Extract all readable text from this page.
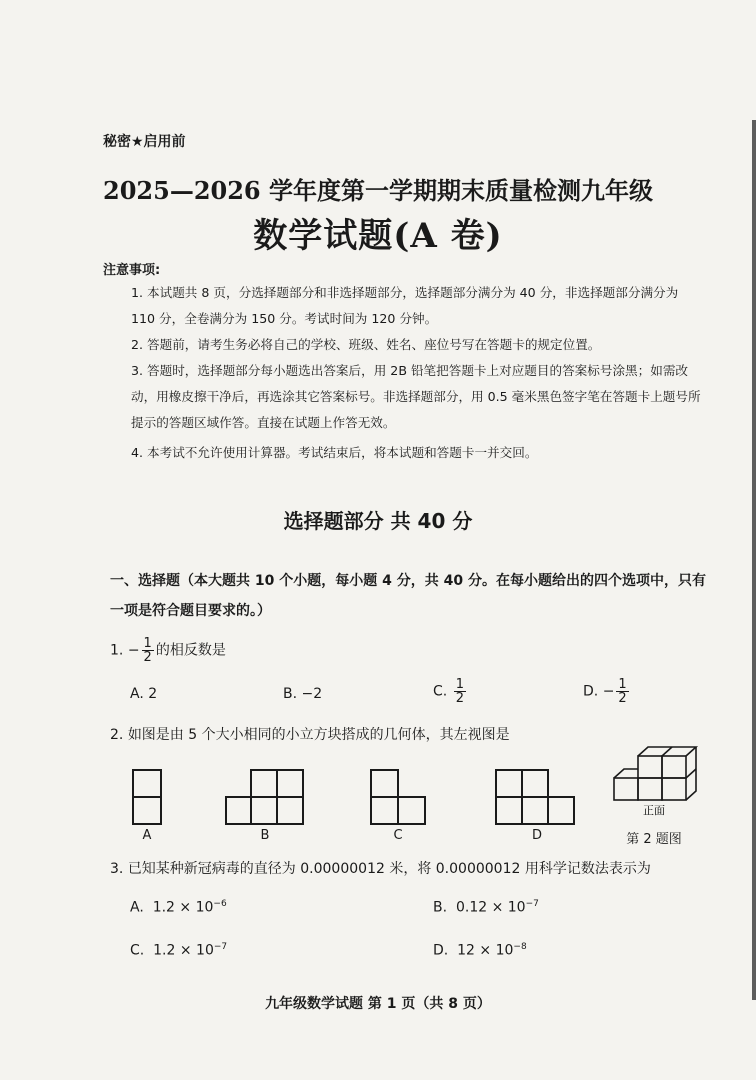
秘密★启用前
2025—2026 学年度第一学期期末质量检测九年级
数学试题(A 卷)
注意事项:
1. 本试题共 8 页，分选择题部分和非选择题部分，选择题部分满分为 40 分，非选择题部分满分为 110 分，全卷满分为 150 分。考试时间为 120 分钟。
2. 答题前，请考生务必将自己的学校、班级、姓名、座位号写在答题卡的规定位置。
3. 答题时，选择题部分每小题选出答案后，用 2B 铅笔把答题卡上对应题目的答案标号涂黑；如需改动，用橡皮擦干净后，再选涂其它答案标号。非选择题部分，用 0.5 毫米黑色签字笔在答题卡上题号所提示的答题区域作答。直接在试题上作答无效。
4. 本考试不允许使用计算器。考试结束后，将本试题和答题卡一并交回。
选择题部分 共 40 分
一、选择题（本大题共 10 个小题，每小题 4 分，共 40 分。在每小题给出的四个选项中，只有一项是符合题目要求的。）
1. − $\frac{1}{2}$ 的相反数是
A. 2	B. −2	C. $\frac{1}{2}$	D. − $\frac{1}{2}$
2. 如图是由 5 个大小相同的小立方块搭成的几何体，其左视图是
正面
A	B	C	D	第 2 题图
3. 已知某种新冠病毒的直径为 0.00000012 米，将 0.00000012 用科学记数法表示为
A. $1.2 \times 10^{-6}$	B. $0.12 \times 10^{-7}$
C. $1.2 \times 10^{-7}$	D. $12 \times 10^{-8}$
九年级数学试题 第 1 页（共 8 页）
